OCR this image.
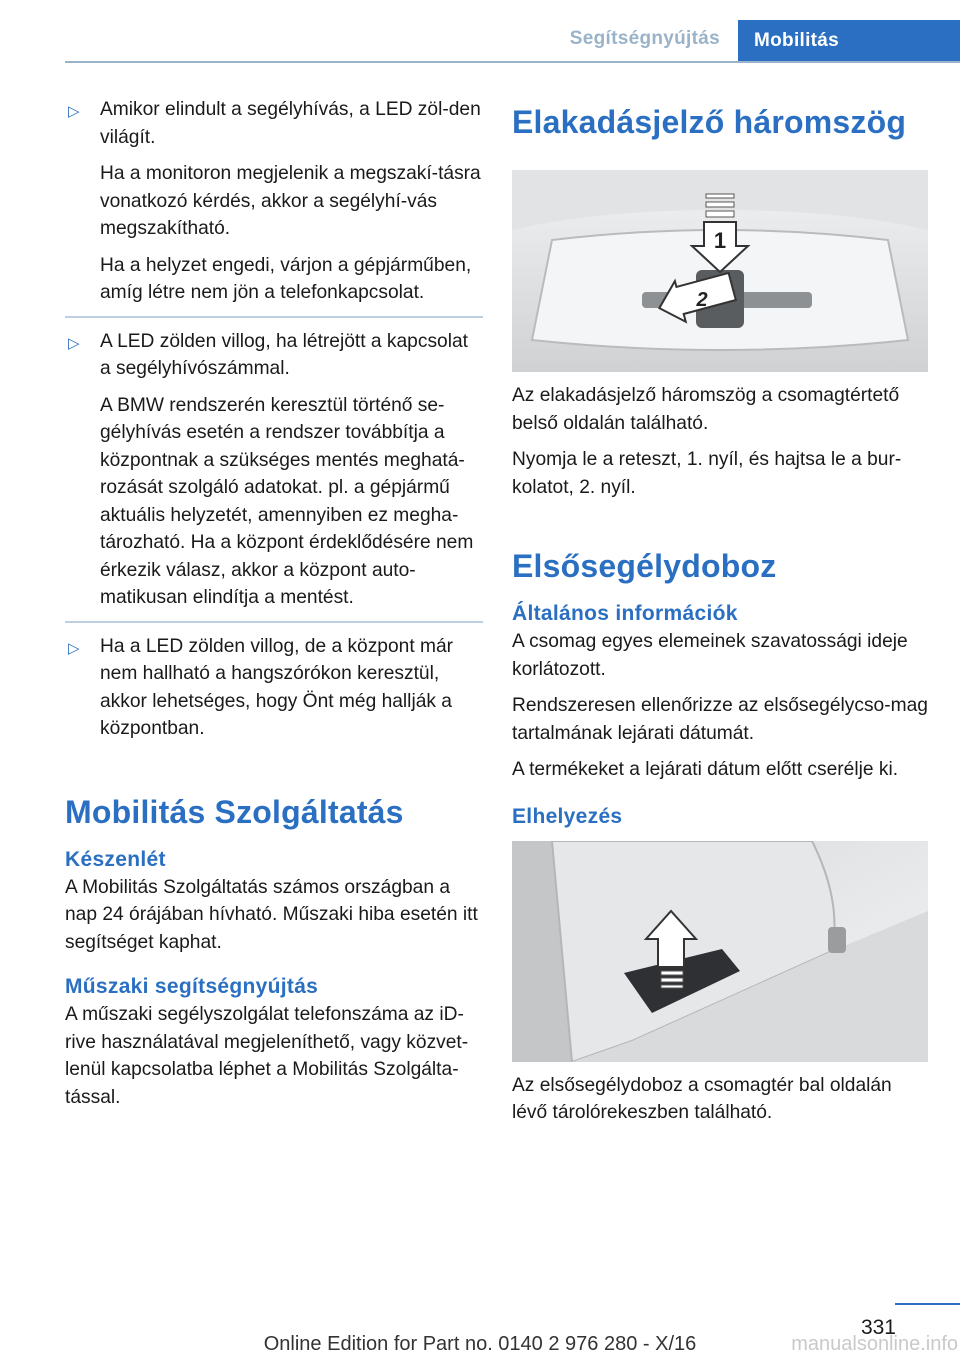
Segítségnyújtás Mobilitás
▷ Amikor elindult a segélyhívás, a LED zöl-den világít.

Ha a monitoron megjelenik a megszakí-tásra vonatkozó kérdés, akkor a segélyhí-vás megszakítható.

Ha a helyzet engedi, várjon a gépjárműben, amíg létre nem jön a telefonkapcsolat.

▷ A LED zölden villog, ha létrejött a kapcsolat a segélyhívószámmal.

A BMW rendszerén keresztül történő se-gélyhívás esetén a rendszer továbbítja a központnak a szükséges mentés meghatá-rozását szolgáló adatokat. pl. a gépjármű aktuális helyzetét, amennyiben ez megha-tározható. Ha a központ érdeklődésére nem érkezik válasz, akkor a központ auto-matikusan elindítja a mentést.

▷ Ha a LED zölden villog, de a központ már nem hallható a hangszórókon keresztül, akkor lehetséges, hogy Önt még hallják a központban.

Mobilitás Szolgáltatás
Készenlét

A Mobilitás Szolgáltatás számos országban a nap 24 órájában hívható. Műszaki hiba esetén itt segítséget kaphat.

Műszaki segítségnyújtás

A műszaki segélyszolgálat telefonszáma az iD-rive használatával megjeleníthető, vagy közvet-lenül kapcsolatba léphet a Mobilitás Szolgálta-tással.

Elakadásjelző háromszög
1
2

Az elakadásjelző háromszög a csomagtértető belső oldalán található.

Nyomja le a reteszt, 1. nyíl, és hajtsa le a bur-kolatot, 2. nyíl.

Elsősegélydoboz
Általános információk

A csomag egyes elemeinek szavatossági ideje korlátozott.

Rendszeresen ellenőrizze az elsősegélycso-mag tartalmának lejárati dátumát.

A termékeket a lejárati dátum előtt cserélje ki.

Elhelyezés

Az elsősegélydoboz a csomagtér bal oldalán lévő tárolórekeszben található.

331
Online Edition for Part no. 0140 2 976 280 - X/16	manualsonline.info
